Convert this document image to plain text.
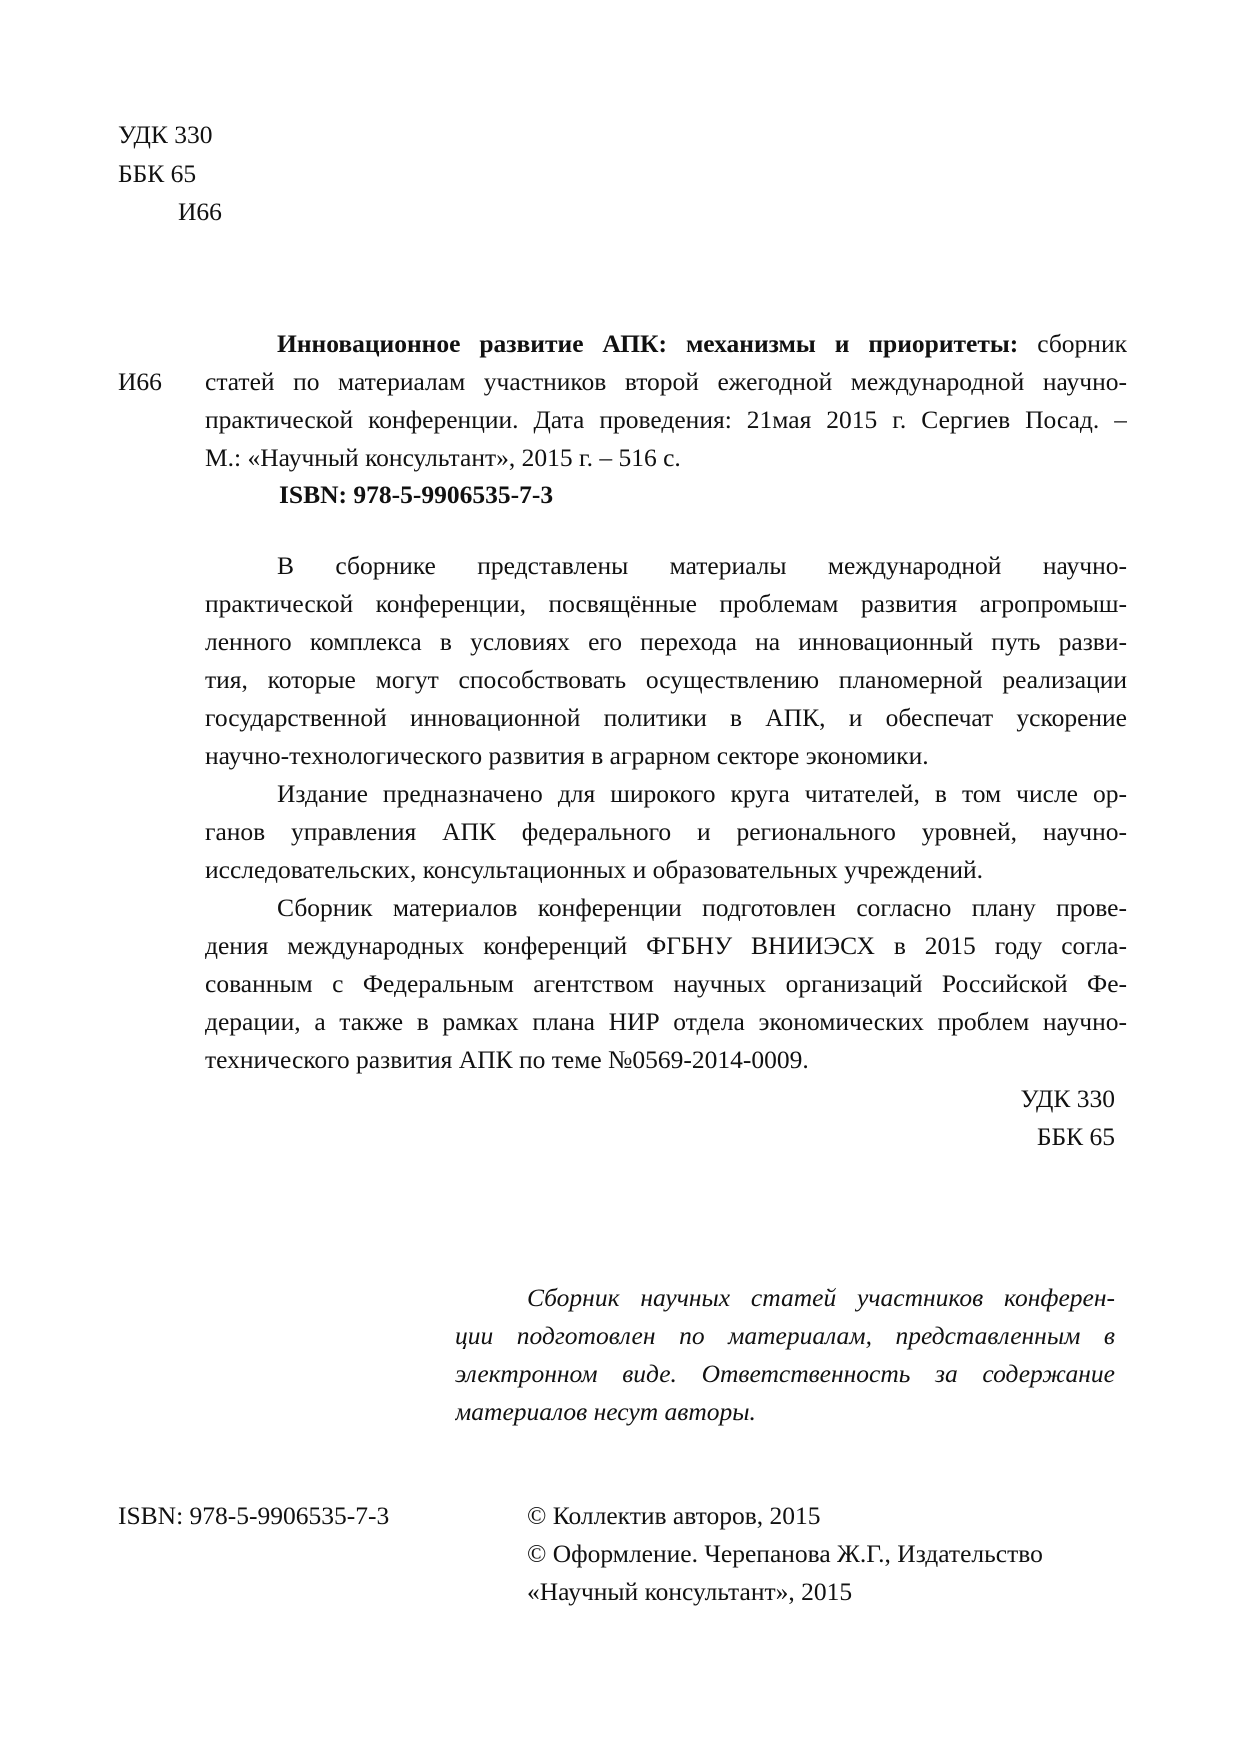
УДК 330
ББК 65
И66
И66
Инновационное развитие АПК: механизмы и приоритеты: сборник
статей по материалам участников второй ежегодной международной научно-
практической конференции. Дата проведения: 21мая 2015 г. Сергиев Посад. –
М.: «Научный консультант», 2015 г. – 516 с.
ISBN: 978-5-9906535-7-3
В сборнике представлены материалы международной научно-
практической конференции, посвящённые проблемам развития агропромыш-
ленного комплекса в условиях его перехода на инновационный путь разви-
тия, которые могут способствовать осуществлению планомерной реализации
государственной инновационной политики в АПК, и обеспечат ускорение
научно-технологического развития в аграрном секторе экономики.
Издание предназначено для широкого круга читателей, в том числе ор-
ганов управления АПК федерального и регионального уровней, научно-
исследовательских, консультационных и образовательных учреждений.
Сборник материалов конференции подготовлен согласно плану прове-
дения международных конференций ФГБНУ ВНИИЭСХ в 2015 году согла-
сованным с Федеральным агентством научных организаций Российской Фе-
дерации, а также в рамках плана НИР отдела экономических проблем научно-
технического развития АПК по теме №0569-2014-0009.
УДК 330
ББК 65
Сборник научных статей участников конферен-
ции подготовлен по материалам, представленным в
электронном виде. Ответственность за содержание
материалов несут авторы.
ISBN: 978-5-9906535-7-3	© Коллектив авторов, 2015
© Оформление. Черепанова Ж.Г., Издательство
«Научный консультант», 2015
